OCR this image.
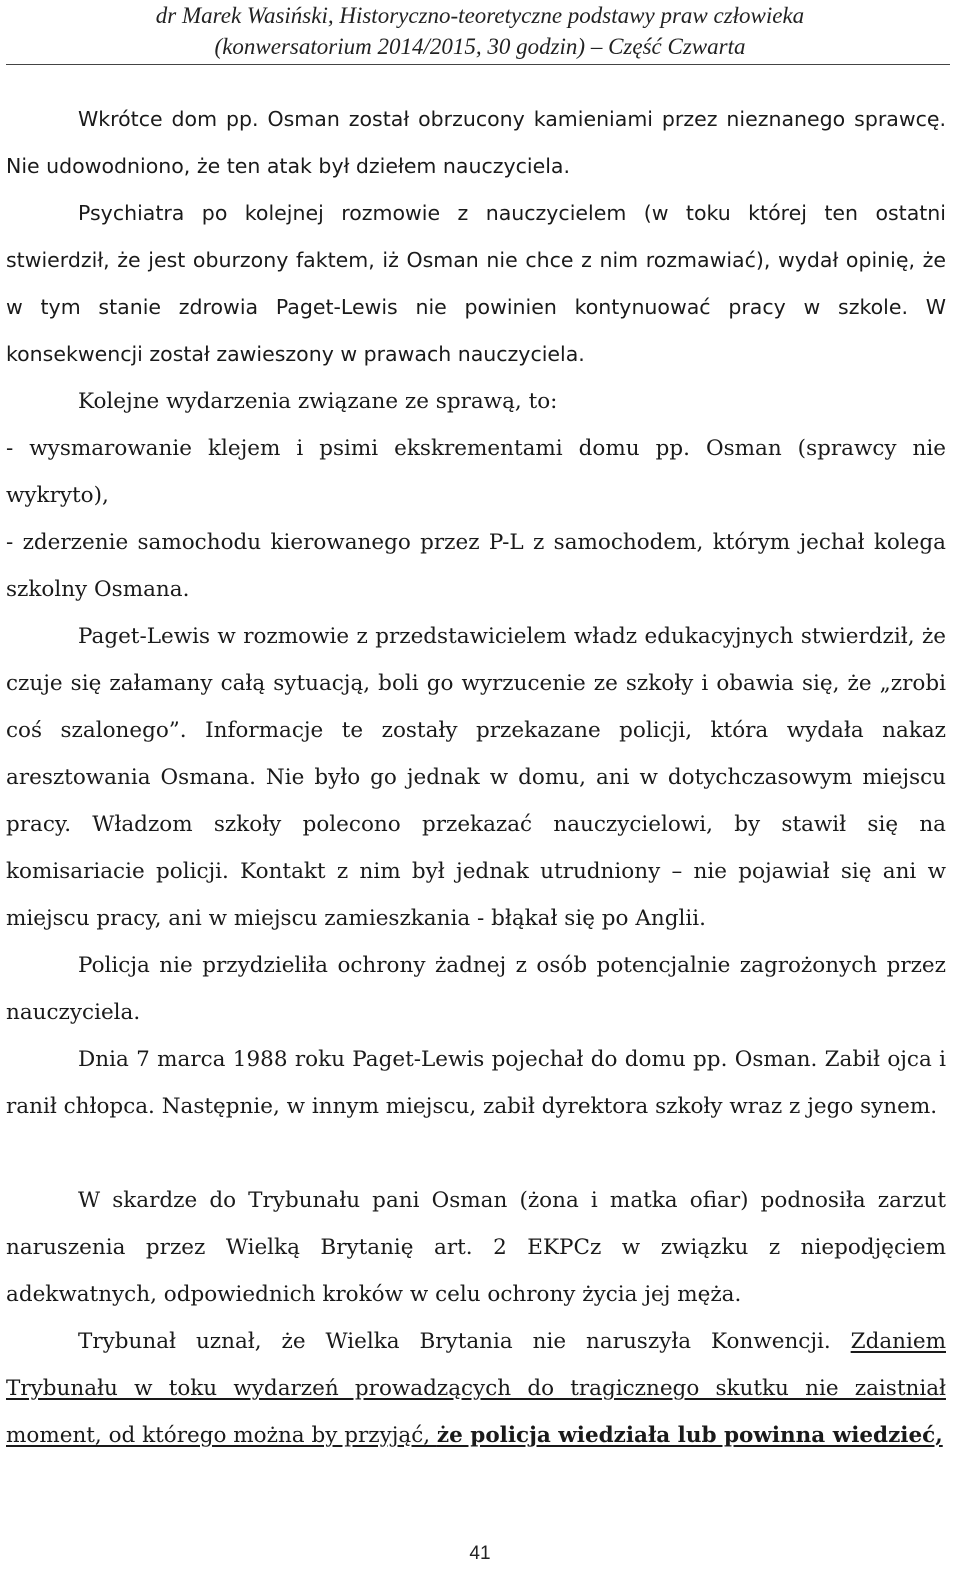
dr Marek Wasiński, Historyczno-teoretyczne podstawy praw człowieka
(konwersatorium 2014/2015, 30 godzin) – Część Czwarta

Wkrótce dom pp. Osman został obrzucony kamieniami przez nieznanego sprawcę. Nie udowodniono, że ten atak był dziełem nauczyciela.

Psychiatra po kolejnej rozmowie z nauczycielem (w toku której ten ostatni stwierdził, że jest oburzony faktem, iż Osman nie chce z nim rozmawiać), wydał opinię, że w tym stanie zdrowia Paget-Lewis nie powinien kontynuować pracy w szkole. W konsekwencji został zawieszony w prawach nauczyciela.

Kolejne wydarzenia związane ze sprawą, to:

- wysmarowanie klejem i psimi ekskrementami domu pp. Osman (sprawcy nie wykryto),

- zderzenie samochodu kierowanego przez P-L z samochodem, którym jechał kolega szkolny Osmana.

Paget-Lewis w rozmowie z przedstawicielem władz edukacyjnych stwierdził, że czuje się załamany całą sytuacją, boli go wyrzucenie ze szkoły i obawia się, że „zrobi coś szalonego”. Informacje te zostały przekazane policji, która wydała nakaz aresztowania Osmana. Nie było go jednak w domu, ani w dotychczasowym miejscu pracy. Władzom szkoły polecono przekazać nauczycielowi, by stawił się na komisariacie policji. Kontakt z nim był jednak utrudniony – nie pojawiał się ani w miejscu pracy, ani w miejscu zamieszkania - błąkał się po Anglii.

Policja nie przydzieliła ochrony żadnej z osób potencjalnie zagrożonych przez nauczyciela.

Dnia 7 marca 1988 roku Paget-Lewis pojechał do domu pp. Osman. Zabił ojca i ranił chłopca. Następnie, w innym miejscu, zabił dyrektora szkoły wraz z jego synem.

W skardze do Trybunału pani Osman (żona i matka ofiar) podnosiła zarzut naruszenia przez Wielką Brytanię art. 2 EKPCz w związku z niepodjęciem adekwatnych, odpowiednich kroków w celu ochrony życia jej męża.

Trybunał uznał, że Wielka Brytania nie naruszyła Konwencji. Zdaniem Trybunału w toku wydarzeń prowadzących do tragicznego skutku nie zaistniał moment, od którego można by przyjąć, że policja wiedziała lub powinna wiedzieć,

41
